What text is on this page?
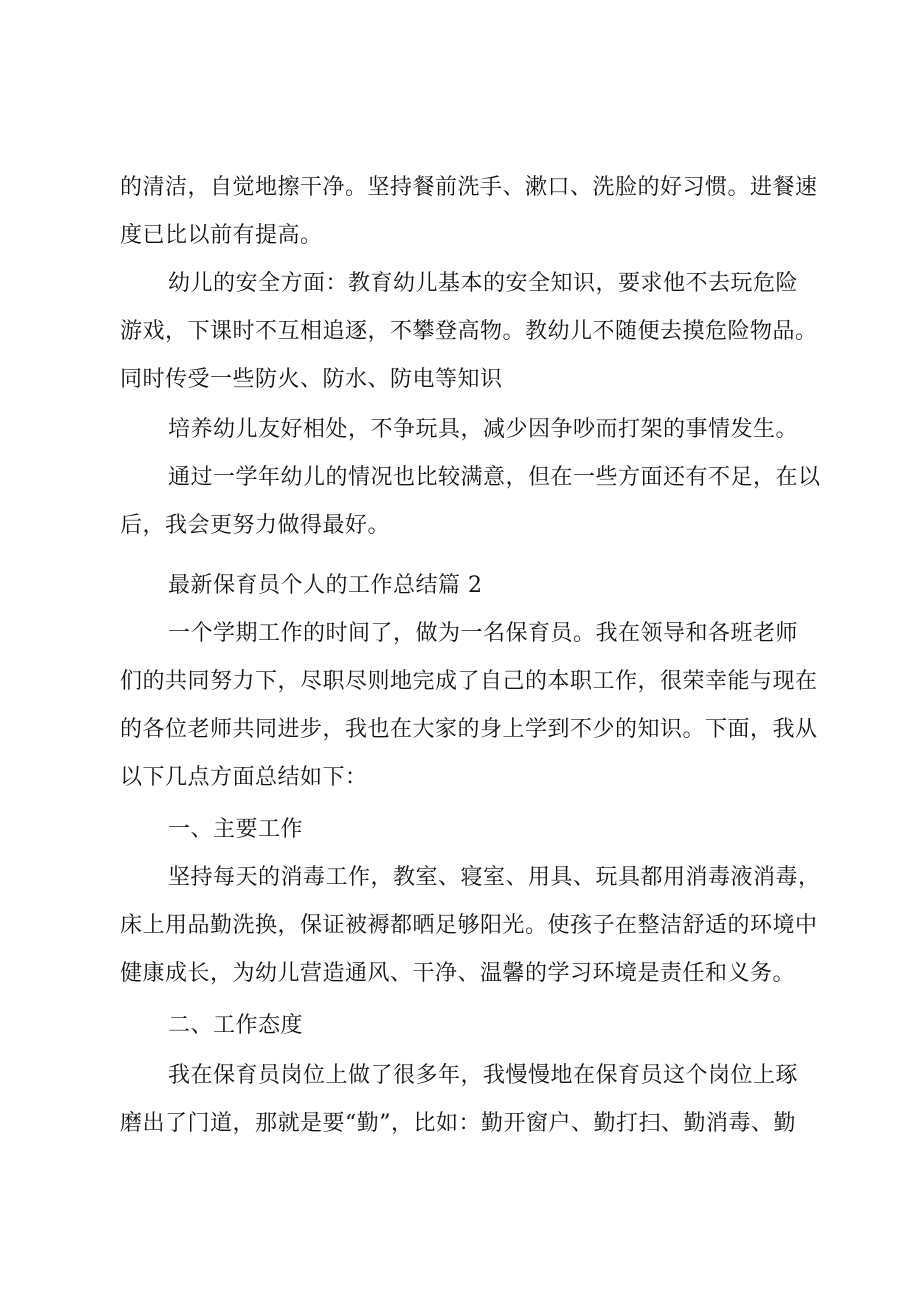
的清洁，自觉地擦干净。坚持餐前洗手、漱口、洗脸的好习惯。进餐速
度已比以前有提高。
幼儿的安全方面：教育幼儿基本的安全知识，要求他不去玩危险
游戏，下课时不互相追逐，不攀登高物。教幼儿不随便去摸危险物品。
同时传受一些防火、防水、防电等知识
培养幼儿友好相处，不争玩具，减少因争吵而打架的事情发生。
通过一学年幼儿的情况也比较满意，但在一些方面还有不足，在以
后，我会更努力做得最好。
最新保育员个人的工作总结篇 2
一个学期工作的时间了，做为一名保育员。我在领导和各班老师
们的共同努力下，尽职尽则地完成了自己的本职工作，很荣幸能与现在
的各位老师共同进步，我也在大家的身上学到不少的知识。下面，我从
以下几点方面总结如下：
一、主要工作
坚持每天的消毒工作，教室、寝室、用具、玩具都用消毒液消毒，
床上用品勤洗换，保证被褥都晒足够阳光。使孩子在整洁舒适的环境中
健康成长，为幼儿营造通风、干净、温馨的学习环境是责任和义务。
二、工作态度
我在保育员岗位上做了很多年，我慢慢地在保育员这个岗位上琢
磨出了门道，那就是要“勤”，比如：勤开窗户、勤打扫、勤消毒、勤
